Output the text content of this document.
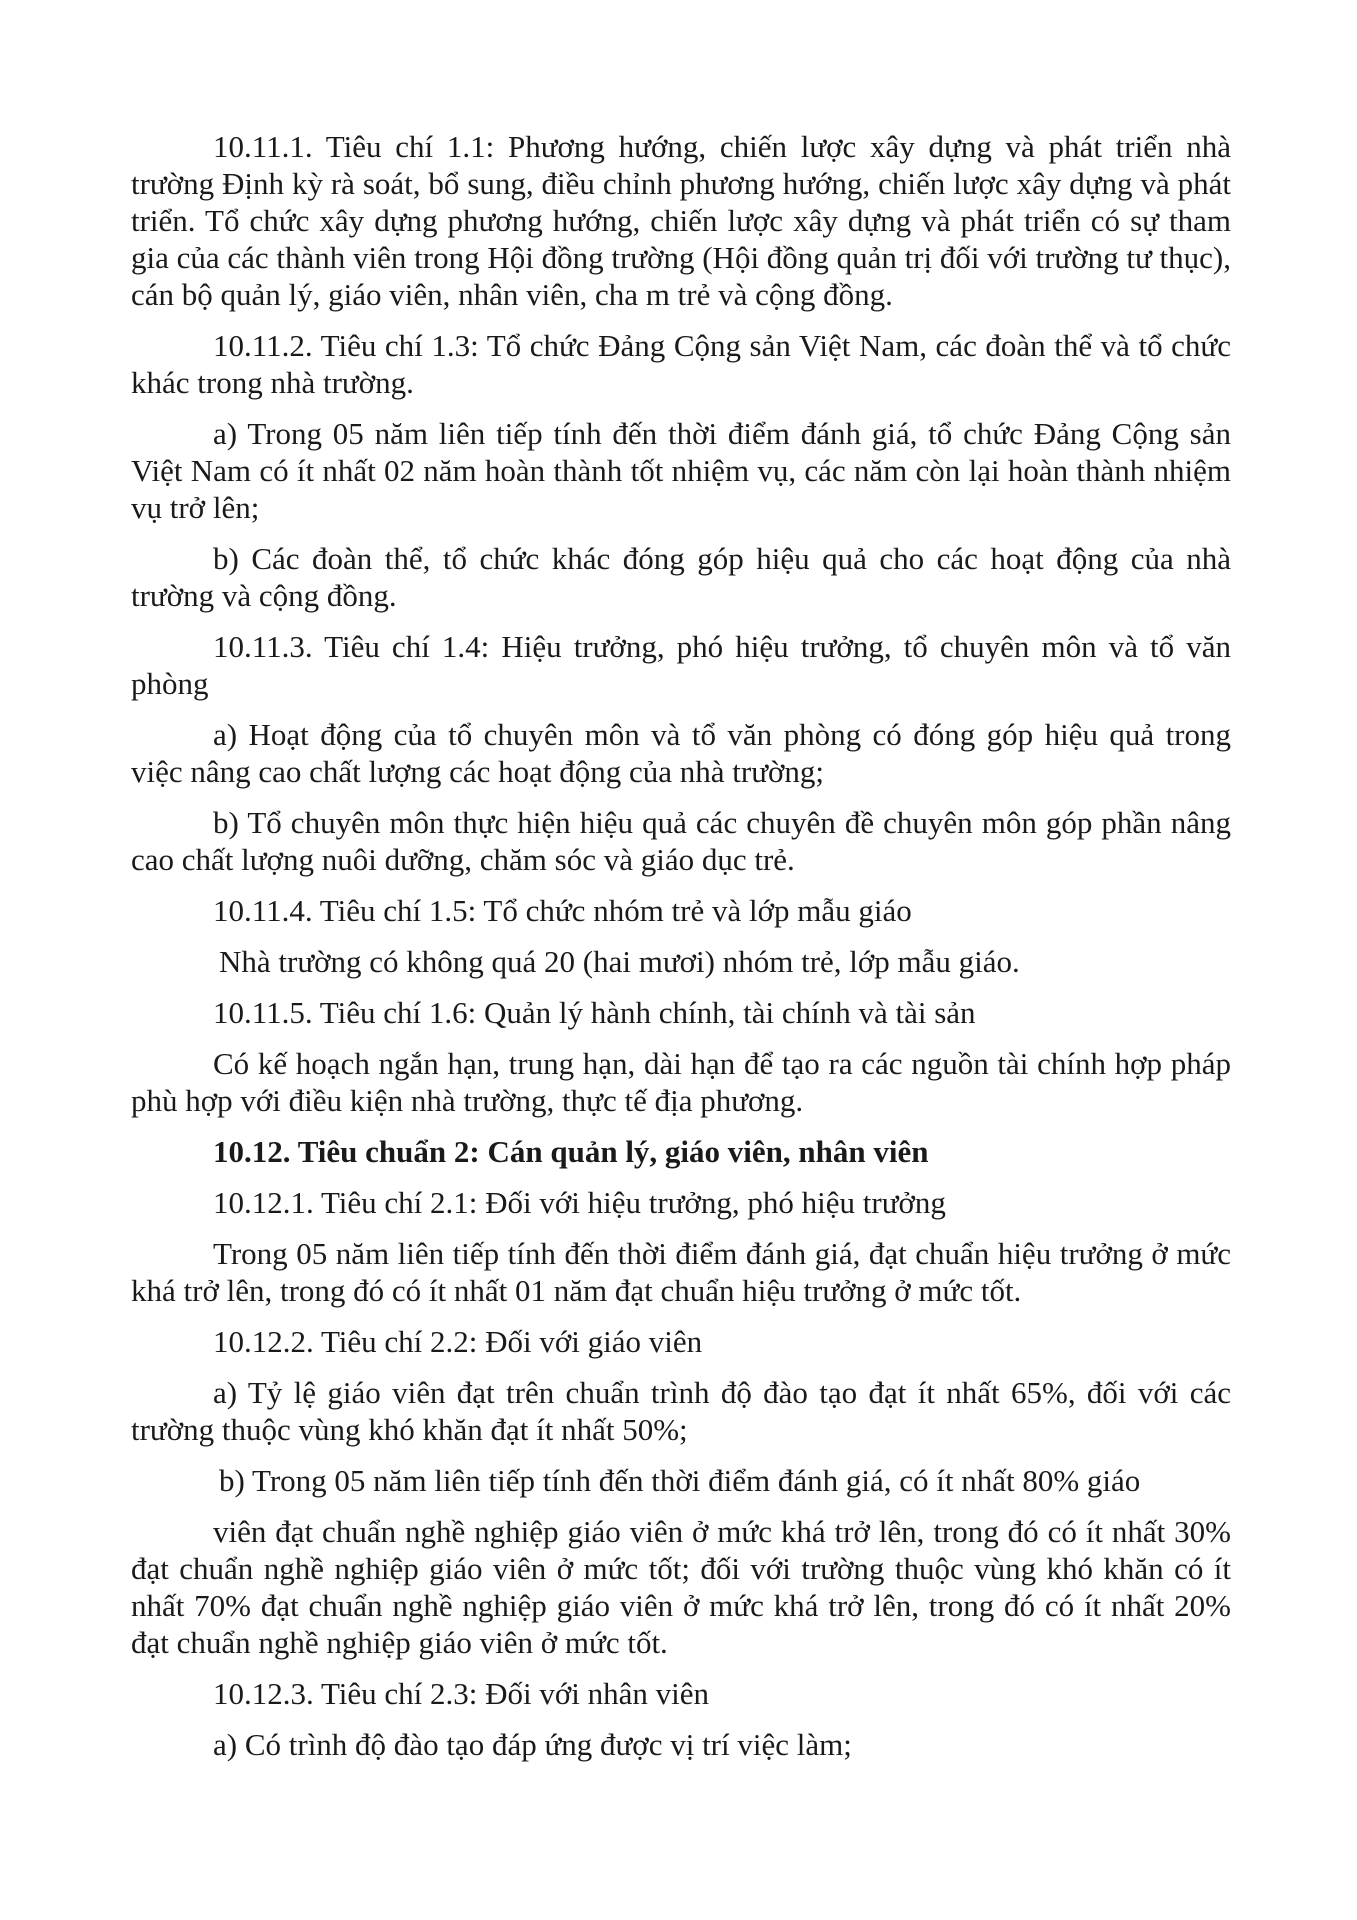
10.11.1. Tiêu chí 1.1: Phương hướng, chiến lược xây dựng và phát triển nhà trường Định kỳ rà soát, bổ sung, điều chỉnh phương hướng, chiến lược xây dựng và phát triển. Tổ chức xây dựng phương hướng, chiến lược xây dựng và phát triển có sự tham gia của các thành viên trong Hội đồng trường (Hội đồng quản trị đối với trường tư thục), cán bộ quản lý, giáo viên, nhân viên, cha m trẻ và cộng đồng.

10.11.2. Tiêu chí 1.3: Tổ chức Đảng Cộng sản Việt Nam, các đoàn thể và tổ chức khác trong nhà trường.

a) Trong 05 năm liên tiếp tính đến thời điểm đánh giá, tổ chức Đảng Cộng sản Việt Nam có ít nhất 02 năm hoàn thành tốt nhiệm vụ, các năm còn lại hoàn thành nhiệm vụ trở lên;

b) Các đoàn thể, tổ chức khác đóng góp hiệu quả cho các hoạt động của nhà trường và cộng đồng.

10.11.3. Tiêu chí 1.4: Hiệu trưởng, phó hiệu trưởng, tổ chuyên môn và tổ văn phòng

a) Hoạt động của tổ chuyên môn và tổ văn phòng có đóng góp hiệu quả trong việc nâng cao chất lượng các hoạt động của nhà trường;

b) Tổ chuyên môn thực hiện hiệu quả các chuyên đề chuyên môn góp phần nâng cao chất lượng nuôi dưỡng, chăm sóc và giáo dục trẻ.

10.11.4. Tiêu chí 1.5: Tổ chức nhóm trẻ và lớp mẫu giáo

Nhà trường có không quá 20 (hai mươi) nhóm trẻ, lớp mẫu giáo.

10.11.5. Tiêu chí 1.6: Quản lý hành chính, tài chính và tài sản

Có kế hoạch ngắn hạn, trung hạn, dài hạn để tạo ra các nguồn tài chính hợp pháp phù hợp với điều kiện nhà trường, thực tế địa phương.

10.12. Tiêu chuẩn 2: Cán quản lý, giáo viên, nhân viên

10.12.1. Tiêu chí 2.1: Đối với hiệu trưởng, phó hiệu trưởng

Trong 05 năm liên tiếp tính đến thời điểm đánh giá, đạt chuẩn hiệu trưởng ở mức khá trở lên, trong đó có ít nhất 01 năm đạt chuẩn hiệu trưởng ở mức tốt.

10.12.2. Tiêu chí 2.2: Đối với giáo viên

a) Tỷ lệ giáo viên đạt trên chuẩn trình độ đào tạo đạt ít nhất 65%, đối với các trường thuộc vùng khó khăn đạt ít nhất 50%;

b) Trong 05 năm liên tiếp tính đến thời điểm đánh giá, có ít nhất 80% giáo

viên đạt chuẩn nghề nghiệp giáo viên ở mức khá trở lên, trong đó có ít nhất 30% đạt chuẩn nghề nghiệp giáo viên ở mức tốt; đối với trường thuộc vùng khó khăn có ít nhất 70% đạt chuẩn nghề nghiệp giáo viên ở mức khá trở lên, trong đó có ít nhất 20% đạt chuẩn nghề nghiệp giáo viên ở mức tốt.

10.12.3. Tiêu chí 2.3: Đối với nhân viên

a) Có trình độ đào tạo đáp ứng được vị trí việc làm;
